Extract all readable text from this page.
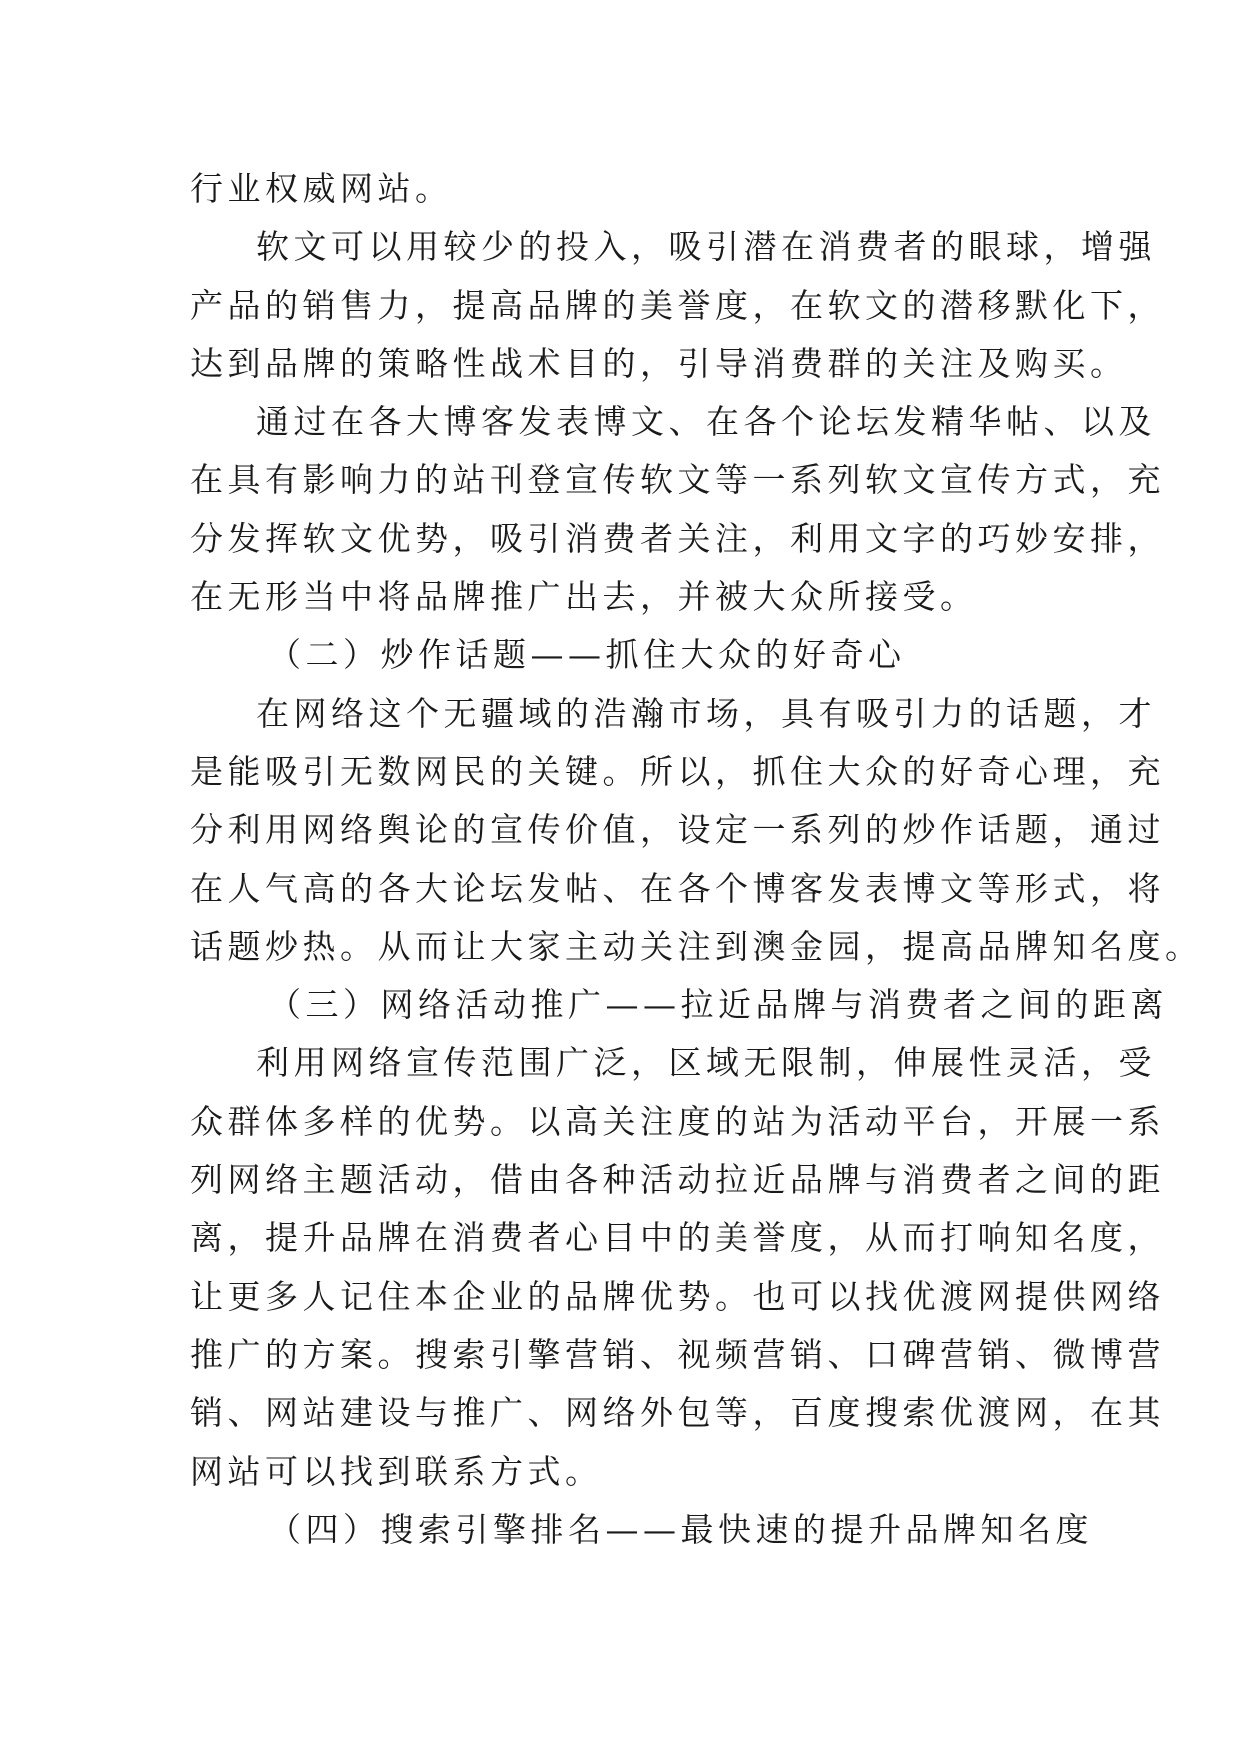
行业权威网站。
软文可以用较少的投入，吸引潜在消费者的眼球，增强
产品的销售力，提高品牌的美誉度，在软文的潜移默化下，
达到品牌的策略性战术目的，引导消费群的关注及购买。
通过在各大博客发表博文、在各个论坛发精华帖、以及
在具有影响力的站刊登宣传软文等一系列软文宣传方式，充
分发挥软文优势，吸引消费者关注，利用文字的巧妙安排，
在无形当中将品牌推广出去，并被大众所接受。
（二）炒作话题——抓住大众的好奇心
在网络这个无疆域的浩瀚市场，具有吸引力的话题，才
是能吸引无数网民的关键。所以，抓住大众的好奇心理，充
分利用网络舆论的宣传价值，设定一系列的炒作话题，通过
在人气高的各大论坛发帖、在各个博客发表博文等形式，将
话题炒热。从而让大家主动关注到澳金园，提高品牌知名度。
（三）网络活动推广——拉近品牌与消费者之间的距离
利用网络宣传范围广泛，区域无限制，伸展性灵活，受
众群体多样的优势。以高关注度的站为活动平台，开展一系
列网络主题活动，借由各种活动拉近品牌与消费者之间的距
离，提升品牌在消费者心目中的美誉度，从而打响知名度，
让更多人记住本企业的品牌优势。也可以找优渡网提供网络
推广的方案。搜索引擎营销、视频营销、口碑营销、微博营
销、网站建设与推广、网络外包等，百度搜索优渡网，在其
网站可以找到联系方式。
（四）搜索引擎排名——最快速的提升品牌知名度
